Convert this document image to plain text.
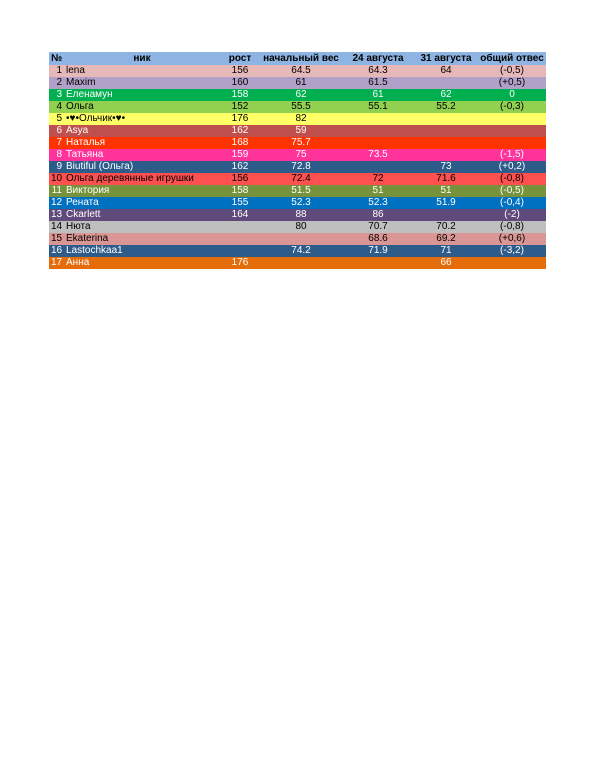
№	ник	рост	начальный вес	24 августа	31 августа	общий отвес
1	lena	156	64.5	64.3	64	(-0,5)
2	Maxim	160	61	61.5		(+0,5)
3	Еленамун	158	62	61	62	0
4	Ольга	152	55.5	55.1	55.2	(-0,3)
5	•♥•Ольчик•♥•	176	82			
6	Asya	162	59			
7	Наталья	168	75.7			
8	Татьяна	159	75	73.5		(-1,5)
9	Biutiful (Ольга)	162	72.8		73	(+0,2)
10	Ольга деревянные игрушки	156	72.4	72	71.6	(-0,8)
11	Виктория	158	51.5	51	51	(-0,5)
12	Рената	155	52.3	52.3	51.9	(-0,4)
13	Ckarlett	164	88	86		(-2)
14	Нюта		80	70.7	70.2	(-0,8)
15	Ekaterina			68.6	69.2	(+0,6)
16	Lastochkaa1		74.2	71.9	71	(-3,2)
17	Анна	176			66	
